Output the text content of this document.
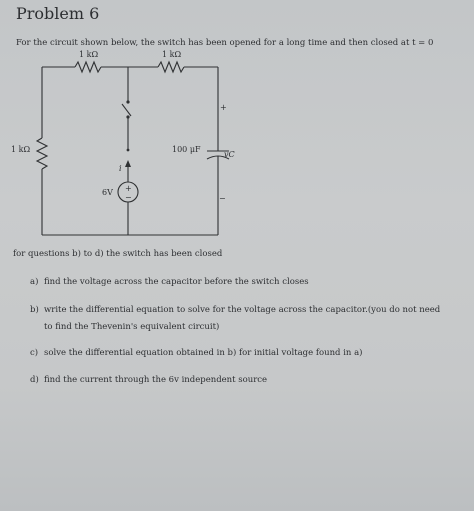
Problem 6
For the circuit shown below, the switch has been opened for a long time and then closed at t = 0
1 kΩ	1 kΩ
1 kΩ	100 μF
+
−
vC
i
6V +
−
for questions b) to d) the switch has been closed
a) find the voltage across the capacitor before the switch closes
b) write the differential equation to solve for the voltage across the capacitor.(you do not need
to find the Thevenin's equivalent circuit)
c) solve the differential equation obtained in b) for initial voltage found in a)
d) find the current through the 6v independent source
